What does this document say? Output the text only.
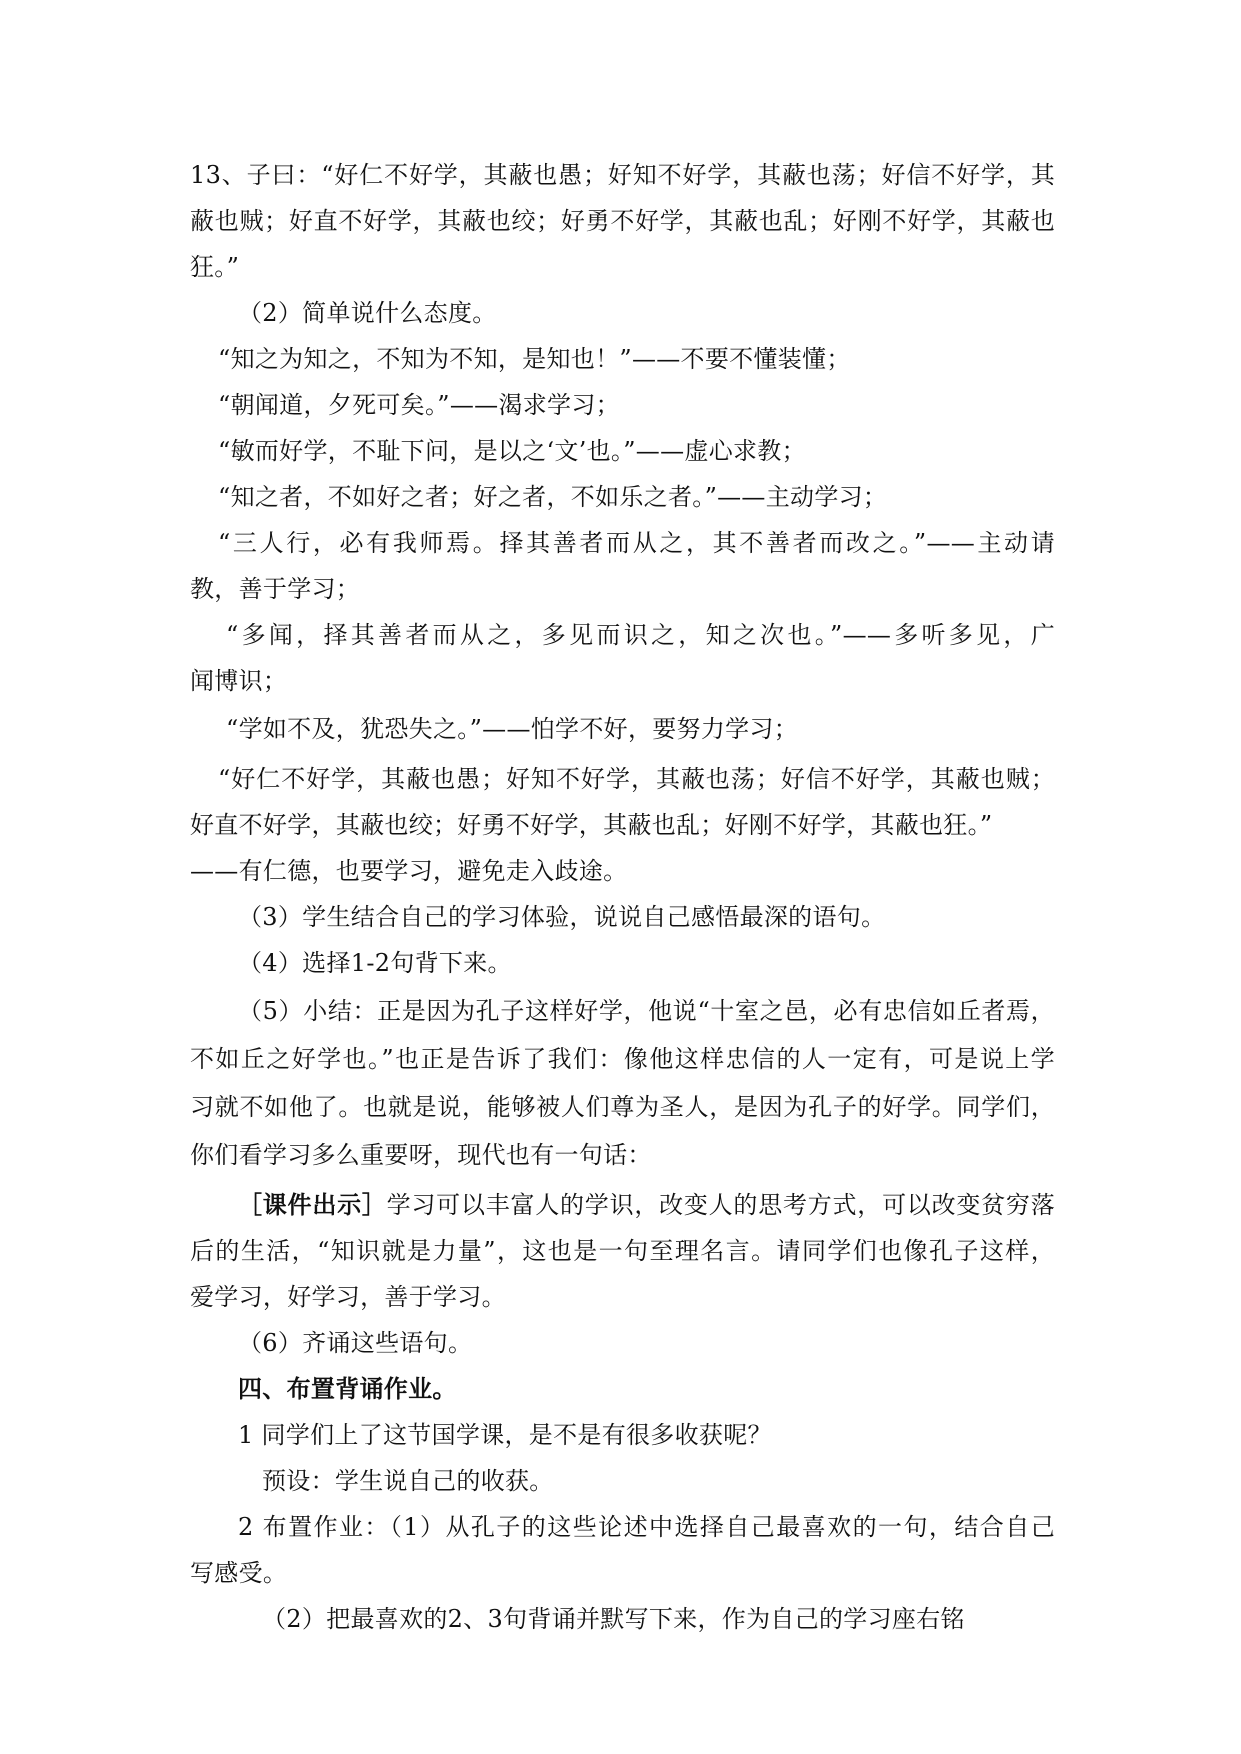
13、子曰：“好仁不好学，其蔽也愚；好知不好学，其蔽也荡；好信不好学，其
蔽也贼；好直不好学，其蔽也绞；好勇不好学，其蔽也乱；好刚不好学，其蔽也
狂。”
（2）简单说什么态度。
“知之为知之，不知为不知，是知也！”——不要不懂装懂；
“朝闻道，夕死可矣。”——渴求学习；
“敏而好学，不耻下问，是以之‘文’也。”——虚心求教；
“知之者，不如好之者；好之者，不如乐之者。”——主动学习；
“三人行，必有我师焉。择其善者而从之，其不善者而改之。”——主动请
教，善于学习；
“多闻，择其善者而从之，多见而识之，知之次也。”——多听多见，广
闻博识；
“学如不及，犹恐失之。”——怕学不好，要努力学习；
“好仁不好学，其蔽也愚；好知不好学，其蔽也荡；好信不好学，其蔽也贼；
好直不好学，其蔽也绞；好勇不好学，其蔽也乱；好刚不好学，其蔽也狂。”
——有仁德，也要学习，避免走入歧途。
（3）学生结合自己的学习体验，说说自己感悟最深的语句。
（4）选择1-2句背下来。
（5）小结：正是因为孔子这样好学，他说“十室之邑，必有忠信如丘者焉，
不如丘之好学也。”也正是告诉了我们：像他这样忠信的人一定有，可是说上学
习就不如他了。也就是说，能够被人们尊为圣人，是因为孔子的好学。同学们，
你们看学习多么重要呀，现代也有一句话：
［课件出示］学习可以丰富人的学识，改变人的思考方式，可以改变贫穷落
后的生活，“知识就是力量”，这也是一句至理名言。请同学们也像孔子这样，
爱学习，好学习，善于学习。
（6）齐诵这些语句。
四、布置背诵作业。
1 同学们上了这节国学课，是不是有很多收获呢？
预设：学生说自己的收获。
2 布置作业：（1）从孔子的这些论述中选择自己最喜欢的一句，结合自己
写感受。
（2）把最喜欢的2、3句背诵并默写下来，作为自己的学习座右铭
